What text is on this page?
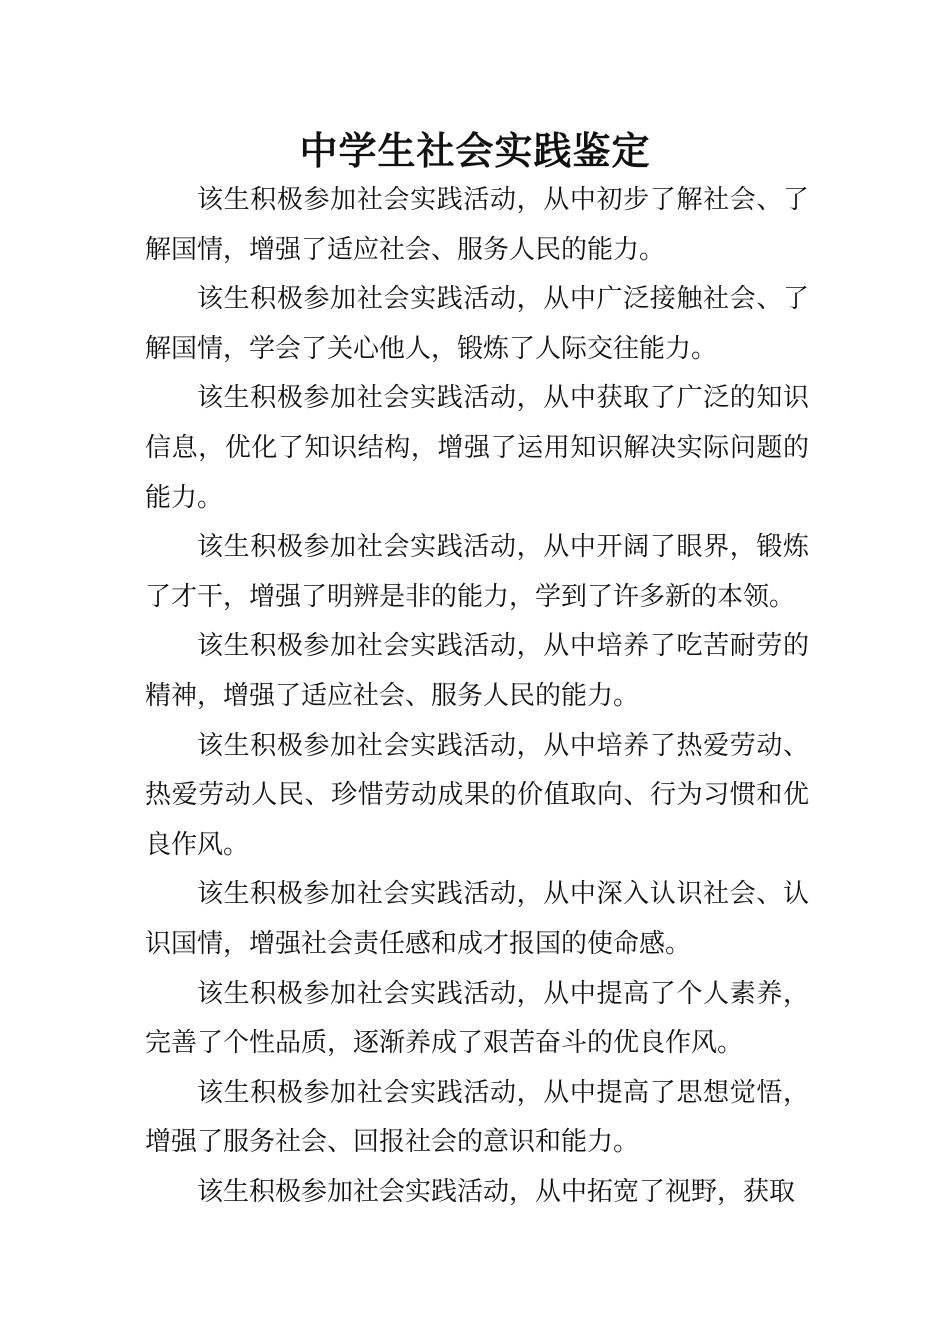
中学生社会实践鉴定

该生积极参加社会实践活动，从中初步了解社会、了解国情，增强了适应社会、服务人民的能力。

该生积极参加社会实践活动，从中广泛接触社会、了解国情，学会了关心他人，锻炼了人际交往能力。

该生积极参加社会实践活动，从中获取了广泛的知识信息，优化了知识结构，增强了运用知识解决实际问题的能力。

该生积极参加社会实践活动，从中开阔了眼界，锻炼了才干，增强了明辨是非的能力，学到了许多新的本领。

该生积极参加社会实践活动，从中培养了吃苦耐劳的精神，增强了适应社会、服务人民的能力。

该生积极参加社会实践活动，从中培养了热爱劳动、热爱劳动人民、珍惜劳动成果的价值取向、行为习惯和优良作风。

该生积极参加社会实践活动，从中深入认识社会、认识国情，增强社会责任感和成才报国的使命感。

该生积极参加社会实践活动，从中提高了个人素养，完善了个性品质，逐渐养成了艰苦奋斗的优良作风。

该生积极参加社会实践活动，从中提高了思想觉悟，增强了服务社会、回报社会的意识和能力。

该生积极参加社会实践活动，从中拓宽了视野，获取
